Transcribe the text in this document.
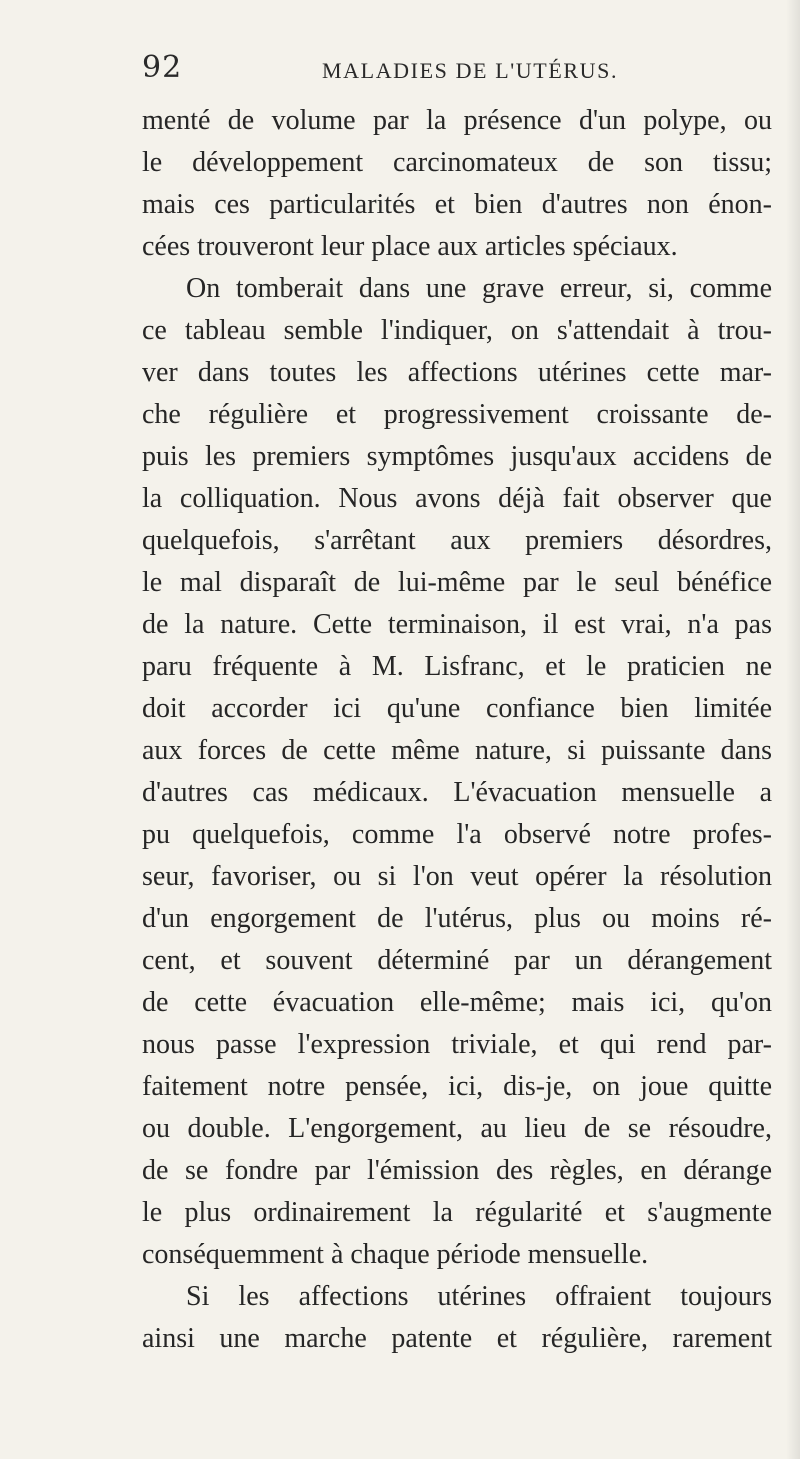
92	MALADIES DE L'UTÉRUS.
menté de volume par la présence d'un polype, ou
le développement carcinomateux de son tissu;
mais ces particularités et bien d'autres non énon-
cées trouveront leur place aux articles spéciaux.
On tomberait dans une grave erreur, si, comme
ce tableau semble l'indiquer, on s'attendait à trou-
ver dans toutes les affections utérines cette mar-
che régulière et progressivement croissante de-
puis les premiers symptômes jusqu'aux accidens de
la colliquation. Nous avons déjà fait observer que
quelquefois, s'arrêtant aux premiers désordres,
le mal disparaît de lui-même par le seul bénéfice
de la nature. Cette terminaison, il est vrai, n'a pas
paru fréquente à M. Lisfranc, et le praticien ne
doit accorder ici qu'une confiance bien limitée
aux forces de cette même nature, si puissante dans
d'autres cas médicaux. L'évacuation mensuelle a
pu quelquefois, comme l'a observé notre profes-
seur, favoriser, ou si l'on veut opérer la résolution
d'un engorgement de l'utérus, plus ou moins ré-
cent, et souvent déterminé par un dérangement
de cette évacuation elle-même; mais ici, qu'on
nous passe l'expression triviale, et qui rend par-
faitement notre pensée, ici, dis-je, on joue quitte
ou double. L'engorgement, au lieu de se résoudre,
de se fondre par l'émission des règles, en dérange
le plus ordinairement la régularité et s'augmente
conséquemment à chaque période mensuelle.
Si les affections utérines offraient toujours
ainsi une marche patente et régulière, rarement
